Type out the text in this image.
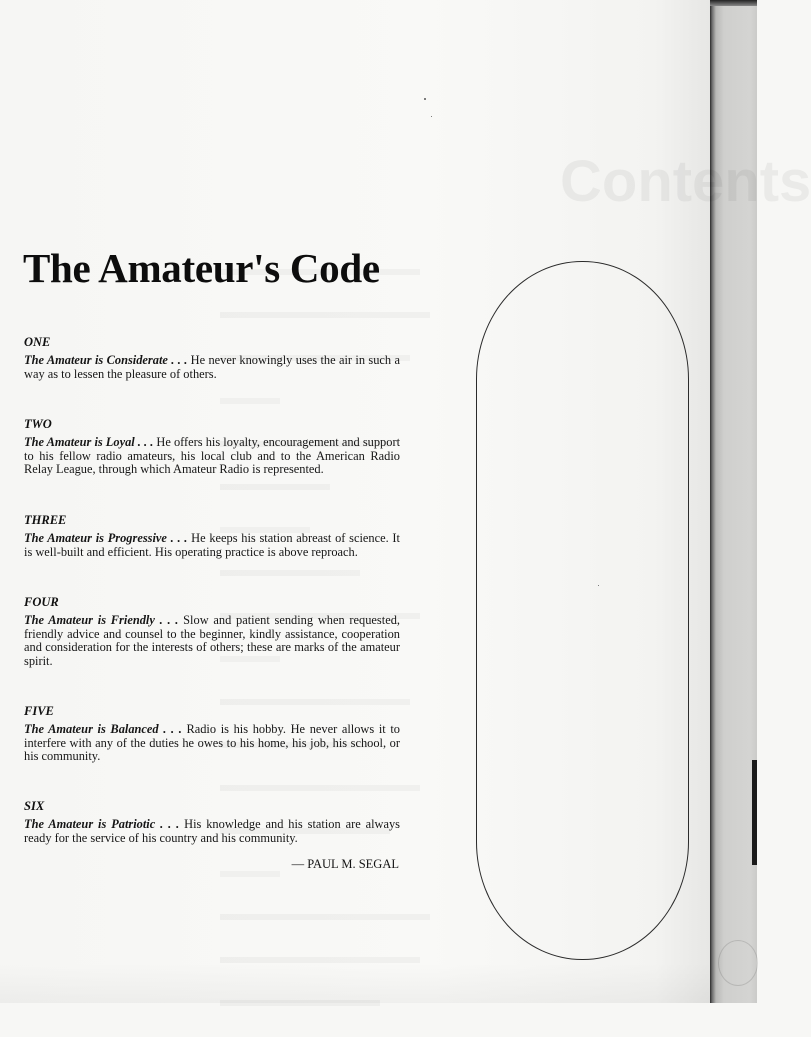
The Amateur's Code
ONE

The Amateur is Considerate . . . He never knowingly uses the air in such a way as to lessen the pleasure of others.

TWO

The Amateur is Loyal . . . He offers his loyalty, encouragement and support to his fellow radio amateurs, his local club and to the American Radio Relay League, through which Amateur Radio is represented.

THREE

The Amateur is Progressive . . . He keeps his station abreast of science. It is well-built and efficient. His operating practice is above reproach.

FOUR

The Amateur is Friendly . . . Slow and patient sending when requested, friendly advice and counsel to the beginner, kindly assistance, cooperation and consideration for the interests of others; these are marks of the amateur spirit.

FIVE

The Amateur is Balanced . . . Radio is his hobby. He never allows it to interfere with any of the duties he owes to his home, his job, his school, or his community.

SIX

The Amateur is Patriotic . . . His knowledge and his station are always ready for the service of his country and his community.

— PAUL M. SEGAL
